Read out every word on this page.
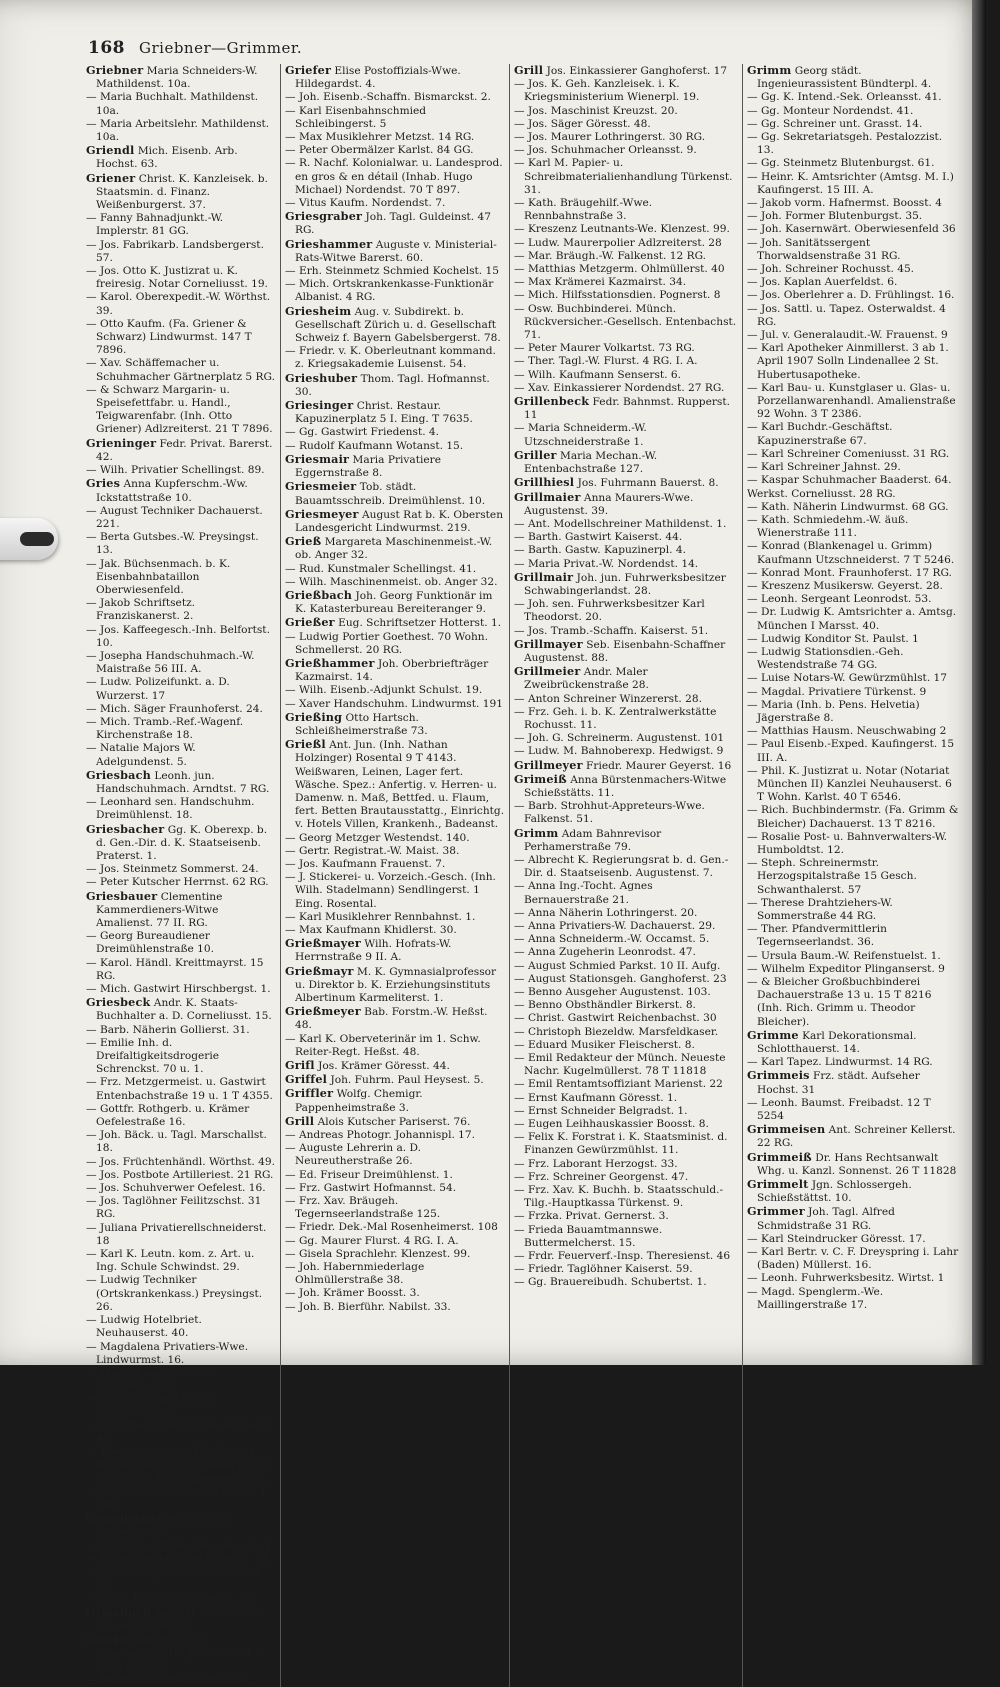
168 Griebner—Grimmer.
Griebner Maria Schneiders-W. Mathildenst. 10a.
— Maria Buchhalt. Mathildenst. 10a.
— Maria Arbeitslehr. Mathildenst. 10a.
Griendl Mich. Eisenb. Arb. Hochst. 63.
Griener Christ. K. Kanzleisek. b. Staatsmin. d. Finanz. Weißenburgerst. 37.
— Fanny Bahnadjunkt.-W. Implerstr. 81 GG.
— Jos. Fabrikarb. Landsbergerst. 57.
— Jos. Otto K. Justizrat u. K. freiresig. Notar Corneliusst. 19.
— Karol. Oberexpedit.-W. Wörthst. 39.
— Otto Kaufm. (Fa. Griener & Schwarz) Lindwurmst. 147 T 7896.
— Xav. Schäffemacher u. Schuhmacher Gärtnerplatz 5 RG.
— & Schwarz Margarin- u. Speisefettfabr. u. Handl., Teigwarenfabr. (Inh. Otto Griener) Adlzreiterst. 21 T 7896.
Grieninger Fedr. Privat. Barerst. 42.
— Wilh. Privatier Schellingst. 89.
Gries Anna Kupferschm.-Ww. Ickstattstraße 10.
— August Techniker Dachauerst. 221.
— Berta Gutsbes.-W. Preysingst. 13.
— Jak. Büchsenmach. b. K. Eisenbahnbataillon Oberwiesenfeld.
— Jakob Schriftsetz. Franziskanerst. 2.
— Jos. Kaffeegesch.-Inh. Belfortst. 10.
— Josepha Handschuhmach.-W. Maistraße 56 III. A.
— Ludw. Polizeifunkt. a. D. Wurzerst. 17
— Mich. Säger Fraunhoferst. 24.
— Mich. Tramb.-Ref.-Wagenf. Kirchenstraße 18.
— Natalie Majors W. Adelgundenst. 5.
Griesbach Leonh. jun. Handschuhmach. Arndtst. 7 RG.
— Leonhard sen. Handschuhm. Dreimühlenst. 18.
Griesbacher Gg. K. Oberexp. b. d. Gen.-Dir. d. K. Staatseisenb. Praterst. 1.
— Jos. Steinmetz Sommerst. 24.
— Peter Kutscher Herrnst. 62 RG.
Griesbauer Clementine Kammerdieners-Witwe Amalienst. 77 II. RG.
— Georg Bureaudiener Dreimühlenstraße 10.
— Karol. Händl. Kreittmayrst. 15 RG.
— Mich. Gastwirt Hirschbergst. 1.
Griesbeck Andr. K. Staats-Buchhalter a. D. Corneliusst. 15.
— Barb. Näherin Gollierst. 31.
— Emilie Inh. d. Dreifaltigkeitsdrogerie Schrenckst. 70 u. 1.
— Frz. Metzgermeist. u. Gastwirt Entenbachstraße 19 u. 1 T 4355.
— Gottfr. Rothgerb. u. Krämer Oefelestraße 16.
— Joh. Bäck. u. Tagl. Marschallst. 18.
— Jos. Früchtenhändl. Wörthst. 49.
— Jos. Postbote Artilleriest. 21 RG.
— Jos. Schuhverwer Oefelest. 16.
— Jos. Taglöhner Feilitzschst. 31 RG.
— Juliana Privatierellschneiderst. 18
— Karl K. Leutn. kom. z. Art. u. Ing. Schule Schwindst. 29.
— Ludwig Techniker (Ortskrankenkass.) Preysingst. 26.
— Ludwig Hotelbriet. Neuhauserst. 40.
— Magdalena Privatiers-Wwe. Lindwurmst. 16.
— Maria Kassabotensw. Augustenst. 82
— Maria Putzmacherin Augustenst. 82.
— Max Bierführer Gabelsbergerst. 43
— Theodor Ofen- u. Herdlagerk. Hoflieferant Utzschneiderst. 2 T 822 Wohn. Utzschneiderst. 12.
— & Endres (Brambach) Nachf. T 2561
Griesberger Alfons Maur. Pariserst. 23
— Fanny K. Offizienbien. Arcost. 4.
— Hans Hausbesitzer Dieselst. 14.
— Mar. Bräugeh.-W. Humboldtst. 25.
— Mich. Privatier Pariserst. 23.
Griesböck Andr. Heizer äußere Wienerstraße 119.
Griefer Andreas K. II. Staatsanwalt (K. Justizminist.) Bismarckst. 2.
— Bernh. Bäcker Gollierst. 16.
Griefer Elise Postoffizials-Wwe. Hildegardst. 4.
— Joh. Eisenb.-Schaffn. Bismarckst. 2.
— Karl Eisenbahnschmied Schleibingerst. 5
— Max Musiklehrer Metzst. 14 RG.
— Peter Obermälzer Karlst. 84 GG.
— R. Nachf. Kolonialwar. u. Landesprod. en gros & en détail (Inhab. Hugo Michael) Nordendst. 70 T 897.
— Vitus Kaufm. Nordendst. 7.
Griesgraber Joh. Tagl. Guldeinst. 47 RG.
Grieshammer Auguste v. Ministerial-Rats-Witwe Barerst. 60.
— Erh. Steinmetz Schmied Kochelst. 15
— Mich. Ortskrankenkasse-Funktionär Albanist. 4 RG.
Griesheim Aug. v. Subdirekt. b. Gesellschaft Zürich u. d. Gesellschaft Schweiz f. Bayern Gabelsbergerst. 78.
— Friedr. v. K. Oberleutnant kommand. z. Kriegsakademie Luisenst. 54.
Grieshuber Thom. Tagl. Hofmannst. 30.
Griesinger Christ. Restaur. Kapuzinerplatz 5 I. Eing. T 7635.
— Gg. Gastwirt Friedenst. 4.
— Rudolf Kaufmann Wotanst. 15.
Griesmair Maria Privatiere Eggernstraße 8.
Griesmeier Tob. städt. Bauamtsschreib. Dreimühlenst. 10.
Griesmeyer August Rat b. K. Obersten Landesgericht Lindwurmst. 219.
Grieß Margareta Maschinenmeist.-W. ob. Anger 32.
— Rud. Kunstmaler Schellingst. 41.
— Wilh. Maschinenmeist. ob. Anger 32.
Grießbach Joh. Georg Funktionär im K. Katasterbureau Bereiteranger 9.
Grießer Eug. Schriftsetzer Hotterst. 1.
— Ludwig Portier Goethest. 70 Wohn. Schmellerst. 20 RG.
Grießhammer Joh. Oberbriefträger Kazmairst. 14.
— Wilh. Eisenb.-Adjunkt Schulst. 19.
— Xaver Handschuhm. Lindwurmst. 191
Grießing Otto Hartsch. Schleißheimerstraße 73.
Grießl Ant. Jun. (Inh. Nathan Holzinger) Rosental 9 T 4143. Weißwaren, Leinen, Lager fert. Wäsche. Spez.: Anfertig. v. Herren- u. Damenw. n. Maß, Bettfed. u. Flaum, fert. Betten Brautausstattg., Einrichtg. v. Hotels Villen, Krankenh., Badeanst.
— Georg Metzger Westendst. 140.
— Gertr. Registrat.-W. Maist. 38.
— Jos. Kaufmann Frauenst. 7.
— J. Stickerei- u. Vorzeich.-Gesch. (Inh. Wilh. Stadelmann) Sendlingerst. 1 Eing. Rosental.
— Karl Musiklehrer Rennbahnst. 1.
— Max Kaufmann Khidlerst. 30.
Grießmayer Wilh. Hofrats-W. Herrnstraße 9 II. A.
Grießmayr M. K. Gymnasialprofessor u. Direktor b. K. Erziehungsinstituts Albertinum Karmeliterst. 1.
Grießmeyer Bab. Forstm.-W. Heßst. 48.
— Karl K. Oberveterinär im 1. Schw. Reiter-Regt. Heßst. 48.
Grifl Jos. Krämer Göresst. 44.
Griffel Joh. Fuhrm. Paul Heysest. 5.
Griffler Wolfg. Chemigr. Pappenheimstraße 3.
Grill Alois Kutscher Pariserst. 76.
— Andreas Photogr. Johannispl. 17.
— Auguste Lehrerin a. D. Neureutherstraße 26.
— Ed. Friseur Dreimühlenst. 1.
— Frz. Gastwirt Hofmannst. 54.
— Frz. Xav. Bräugeh. Tegernseerlandstraße 125.
— Friedr. Dek.-Mal Rosenheimerst. 108
— Gg. Maurer Flurst. 4 RG. I. A.
— Gisela Sprachlehr. Klenzest. 99.
— Joh. Habernmiederlage Ohlmüllerstraße 38.
— Joh. Krämer Boosst. 3.
— Joh. B. Bierführ. Nabilst. 33.
Grill Jos. Einkassierer Ganghoferst. 17
— Jos. K. Geh. Kanzleisek. i. K. Kriegsministerium Wienerpl. 19.
— Jos. Maschinist Kreuzst. 20.
— Jos. Säger Göresst. 48.
— Jos. Maurer Lothringerst. 30 RG.
— Jos. Schuhmacher Orleansst. 9.
— Karl M. Papier- u. Schreibmaterialienhandlung Türkenst. 31.
— Kath. Bräugehilf.-Wwe. Rennbahnstraße 3.
— Kreszenz Leutnants-We. Klenzest. 99.
— Ludw. Maurerpolier Adlzreiterst. 28
— Mar. Bräugh.-W. Falkenst. 12 RG.
— Matthias Metzgerm. Ohlmüllerst. 40
— Max Krämerei Kazmairst. 34.
— Mich. Hilfsstationsdien. Pognerst. 8
— Osw. Buchbinderei. Münch. Rückversicher.-Gesellsch. Entenbachst. 71.
— Peter Maurer Volkartst. 73 RG.
— Ther. Tagl.-W. Flurst. 4 RG. I. A.
— Wilh. Kaufmann Senserst. 6.
— Xav. Einkassierer Nordendst. 27 RG.
Grillenbeck Fedr. Bahnmst. Rupperst. 11
— Maria Schneiderm.-W. Utzschneiderstraße 1.
Griller Maria Mechan.-W. Entenbachstraße 127.
Grillhiesl Jos. Fuhrmann Bauerst. 8.
Grillmaier Anna Maurers-Wwe. Augustenst. 39.
— Ant. Modellschreiner Mathildenst. 1.
— Barth. Gastwirt Kaiserst. 44.
— Barth. Gastw. Kapuzinerpl. 4.
— Maria Privat.-W. Nordendst. 14.
Grillmair Joh. jun. Fuhrwerksbesitzer Schwabingerlandst. 28.
— Joh. sen. Fuhrwerksbesitzer Karl Theodorst. 20.
— Jos. Tramb.-Schaffn. Kaiserst. 51.
Grillmayer Seb. Eisenbahn-Schaffner Augustenst. 88.
Grillmeier Andr. Maler Zweibrückenstraße 28.
— Anton Schreiner Winzererst. 28.
— Frz. Geh. i. b. K. Zentralwerkstätte Rochusst. 11.
— Joh. G. Schreinerm. Augustenst. 101
— Ludw. M. Bahnoberexp. Hedwigst. 9
Grillmeyer Friedr. Maurer Geyerst. 16
Grimeiß Anna Bürstenmachers-Witwe Schießstätts. 11.
— Barb. Strohhut-Appreteurs-Wwe. Falkenst. 51.
Grimm Adam Bahnrevisor Perhamerstraße 79.
— Albrecht K. Regierungsrat b. d. Gen.-Dir. d. Staatseisenb. Augustenst. 7.
— Anna Ing.-Tocht. Agnes Bernauerstraße 21.
— Anna Näherin Lothringerst. 20.
— Anna Privatiers-W. Dachauerst. 29.
— Anna Schneiderm.-W. Occamst. 5.
— Anna Zugeherin Leonrodst. 47.
— August Schmied Parkst. 10 II. Aufg.
— August Stationsgeh. Ganghoferst. 23
— Benno Ausgeher Augustenst. 103.
— Benno Obsthändler Birkerst. 8.
— Christ. Gastwirt Reichenbachst. 30
— Christoph Biezeldw. Marsfeldkaser.
— Eduard Musiker Fleischerst. 8.
— Emil Redakteur der Münch. Neueste Nachr. Kugelmüllerst. 78 T 11818
— Emil Rentamtsoffiziant Marienst. 22
— Ernst Kaufmann Göresst. 1.
— Ernst Schneider Belgradst. 1.
— Eugen Leihhauskassier Boosst. 8.
— Felix K. Forstrat i. K. Staatsminist. d. Finanzen Gewürzmühlst. 11.
— Frz. Laborant Herzogst. 33.
— Frz. Schreiner Georgenst. 47.
— Frz. Xav. K. Buchh. b. Staatsschuld.-Tilg.-Hauptkassa Türkenst. 9.
— Frzka. Privat. Gernerst. 3.
— Frieda Bauamtmannswe. Buttermelcherst. 15.
— Frdr. Feuerverf.-Insp. Theresienst. 46
— Friedr. Taglöhner Kaiserst. 59.
— Gg. Brauereibudh. Schubertst. 1.
Grimm Georg städt. Ingenieurassistent Bündterpl. 4.
— Gg. K. Intend.-Sek. Orleansst. 41.
— Gg. Monteur Nordendst. 41.
— Gg. Schreiner unt. Grasst. 14.
— Gg. Sekretariatsgeh. Pestalozzist. 13.
— Gg. Steinmetz Blutenburgst. 61.
— Heinr. K. Amtsrichter (Amtsg. M. I.) Kaufingerst. 15 III. A.
— Jakob vorm. Hafnermst. Boosst. 4
— Joh. Former Blutenburgst. 35.
— Joh. Kasernwärt. Oberwiesenfeld 36
— Joh. Sanitätssergent Thorwaldsenstraße 31 RG.
— Joh. Schreiner Rochusst. 45.
— Jos. Kaplan Auerfeldst. 6.
— Jos. Oberlehrer a. D. Frühlingst. 16.
— Jos. Sattl. u. Tapez. Osterwaldst. 4 RG.
— Jul. v. Generalaudit.-W. Frauenst. 9
— Karl Apotheker Ainmillerst. 3 ab 1. April 1907 Solln Lindenallee 2 St. Hubertusapotheke.
— Karl Bau- u. Kunstglaser u. Glas- u. Porzellanwarenhandl. Amalienstraße 92 Wohn. 3 T 2386.
— Karl Buchdr.-Geschäftst. Kapuzinerstraße 67.
— Karl Schreiner Comeniusst. 31 RG.
— Karl Schreiner Jahnst. 29.
— Kaspar Schuhmacher Baaderst. 64.
Werkst. Corneliusst. 28 RG.
— Kath. Näherin Lindwurmst. 68 GG.
— Kath. Schmiedehm.-W. äuß. Wienerstraße 111.
— Konrad (Blankenagel u. Grimm) Kaufmann Utzschneiderst. 7 T 5246.
— Konrad Mont. Fraunhoferst. 17 RG.
— Kreszenz Musikersw. Geyerst. 28.
— Leonh. Sergeant Leonrodst. 53.
— Dr. Ludwig K. Amtsrichter a. Amtsg. München I Marsst. 40.
— Ludwig Konditor St. Paulst. 1
— Ludwig Stationsdien.-Geh. Westendstraße 74 GG.
— Luise Notars-W. Gewürzmühlst. 17
— Magdal. Privatiere Türkenst. 9
— Maria (Inh. b. Pens. Helvetia) Jägerstraße 8.
— Matthias Hausm. Neuschwabing 2
— Paul Eisenb.-Exped. Kaufingerst. 15 III. A.
— Phil. K. Justizrat u. Notar (Notariat München II) Kanzlei Neuhauserst. 6 T Wohn. Karlst. 40 T 6546.
— Rich. Buchbindermstr. (Fa. Grimm & Bleicher) Dachauerst. 13 T 8216.
— Rosalie Post- u. Bahnverwalters-W. Humboldtst. 12.
— Steph. Schreinermstr. Herzogspitalstraße 15 Gesch. Schwanthalerst. 57
— Therese Drahtziehers-W. Sommerstraße 44 RG.
— Ther. Pfandvermittlerin Tegernseerlandst. 36.
— Ursula Baum.-W. Reifenstuelst. 1.
— Wilhelm Expeditor Plinganserst. 9
— & Bleicher Großbuchbinderei Dachauerstraße 13 u. 15 T 8216 (Inh. Rich. Grimm u. Theodor Bleicher).
Grimme Karl Dekorationsmal. Schlotthauerst. 14.
— Karl Tapez. Lindwurmst. 14 RG.
Grimmeis Frz. städt. Aufseher Hochst. 31
— Leonh. Baumst. Freibadst. 12 T 5254
Grimmeisen Ant. Schreiner Kellerst. 22 RG.
Grimmeiß Dr. Hans Rechtsanwalt Whg. u. Kanzl. Sonnenst. 26 T 11828
Grimmelt Jgn. Schlossergeh. Schießstättst. 10.
Grimmer Joh. Tagl. Alfred Schmidstraße 31 RG.
— Karl Steindrucker Göresst. 17.
— Karl Bertr. v. C. F. Dreyspring i. Lahr (Baden) Müllerst. 16.
— Leonh. Fuhrwerksbesitz. Wirtst. 1
— Magd. Spenglerm.-We. Maillingerstraße 17.
